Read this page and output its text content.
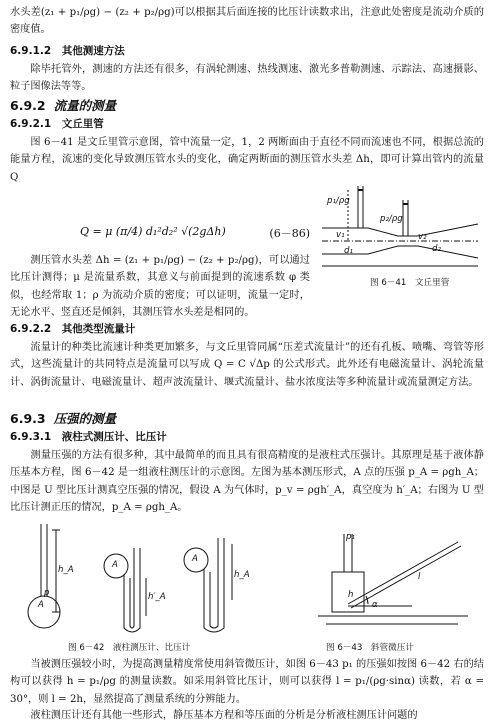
水头差(z₁ + p₁/ρg) − (z₂ + p₂/ρg)可以根据其后面连接的比压计读数求出，注意此处密度是流动介质的密度值。

6.9.1.2　其他测速方法

除毕托管外，测速的方法还有很多，有涡轮测速、热线测速、激光多普勒测速、示踪法、高速摄影、粒子图像法等等。

6.9.2 流量的测量
6.9.2.1　文丘里管

图 6－41 是文丘里管示意图，管中流量一定，1，2 两断面由于直径不同而流速也不同，根据总流的能量方程，流速的变化导致测压管水头的变化，确定两断面的测压管水头差 Δh，即可计算出管内的流量 Q

Q = μ (π/4) d₁²d₂² √(2gΔh)	(6－86)

测压管水头差 Δh = (z₁ + p₁/ρg) − (z₂ + p₂/ρg)，可以通过比压计测得；μ 是流量系数，其意义与前面提到的流速系数 φ 类似，也经常取 1；ρ 为流动介质的密度；可以证明，流量一定时，无论水平、竖直还是倾斜，其测压管水头差是相同的。

p₁/ρg
p₂/ρg
v₁
d₁
v₂
d₂
图 6－41　文丘里管
6.9.2.2　其他类型流量计

流量计的种类比流速计种类更加繁多，与文丘里管同属“压差式流量计”的还有孔板、喷嘴、弯管等形式，这些流量计的共同特点是流量可以写成 Q = C √Δp 的公式形式。此外还有电磁流量计、涡轮流量计、涡街流量计、电磁流量计、超声波流量计、堰式流量计、盐水浓度法等多种流量计或流量测定方法。

6.9.3 压强的测量
6.9.3.1　液柱式测压计、比压计

测量压强的方法有很多种，其中最简单的而且具有很高精度的是液柱式压强计。其原理是基于液体静压基本方程，图 6－42 是一组液柱测压计的示意图。左图为基本测压形式，A 点的压强 p_A = ρgh_A；中图是 U 型比压计测真空压强的情况，假设 A 为气体时，p_v = ρgh′_A，真空度为 h′_A；右图为 U 型比压计测正压的情况，p_A = ρgh_A。

A
p
h_A	A
h′_A
A
h_A
图 6－42　液柱测压计、比压计
p₁
l
α
h
图 6－43　斜管微压计

当被测压强较小时，为提高测量精度常使用斜管微压计，如图 6－43 p₁ 的压强如按图 6－42 右的结构可以获得 h = p₁/ρg 的测量读数。如采用斜管比压计，则可以获得 l = p₁/(ρg·sinα) 读数，若 α = 30°，则 l = 2h，显然提高了测量系统的分辨能力。

液柱测压计还有其他一些形式，静压基本方程和等压面的分析是分析液柱测压计问题的
